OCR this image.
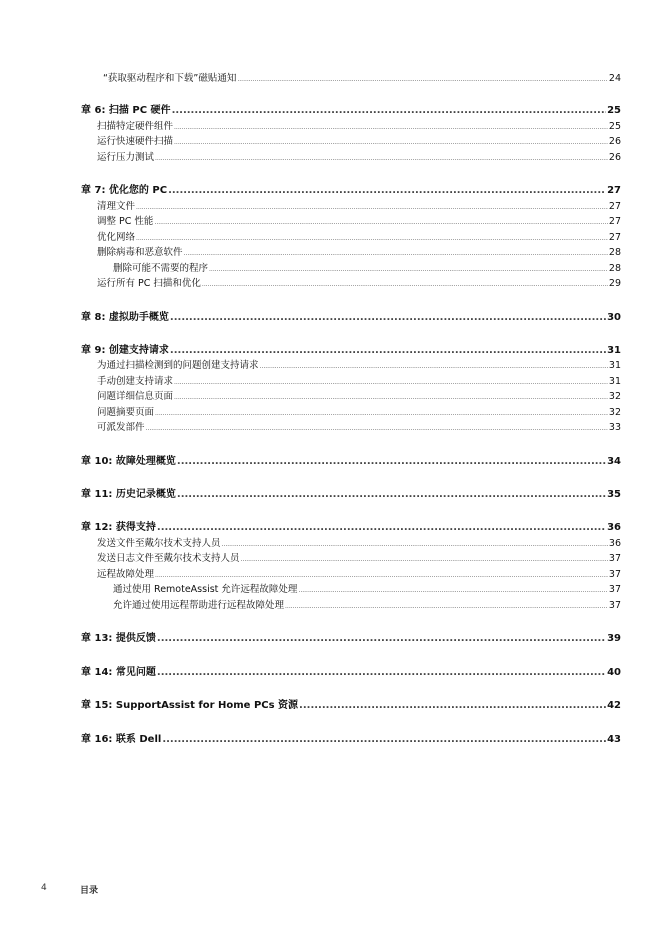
“获取驱动程序和下载”磁贴通知 .....	24
章 6: 扫描 PC 硬件 .....	25
扫描特定硬件组件 .....	25
运行快速硬件扫描 .....	26
运行压力测试 .....	26
章 7: 优化您的 PC .....	27
清理文件 .....	27
调整 PC 性能 .....	27
优化网络 .....	27
删除病毒和恶意软件 .....	28
删除可能不需要的程序 .....	28
运行所有 PC 扫描和优化 .....	29
章 8: 虚拟助手概览 .....	30
章 9: 创建支持请求 .....	31
为通过扫描检测到的问题创建支持请求 .....	31
手动创建支持请求 .....	31
问题详细信息页面 .....	32
问题摘要页面 .....	32
可派发部件 .....	33
章 10: 故障处理概览 .....	34
章 11: 历史记录概览 .....	35
章 12: 获得支持 .....	36
发送文件至戴尔技术支持人员 .....	36
发送日志文件至戴尔技术支持人员 .....	37
远程故障处理 .....	37
通过使用 RemoteAssist 允许远程故障处理 .....	37
允许通过使用远程帮助进行远程故障处理 .....	37
章 13: 提供反馈 .....	39
章 14: 常见问题 .....	40
章 15: SupportAssist for Home PCs 资源 .....	42
章 16: 联系 Dell .....	43
4	目录
